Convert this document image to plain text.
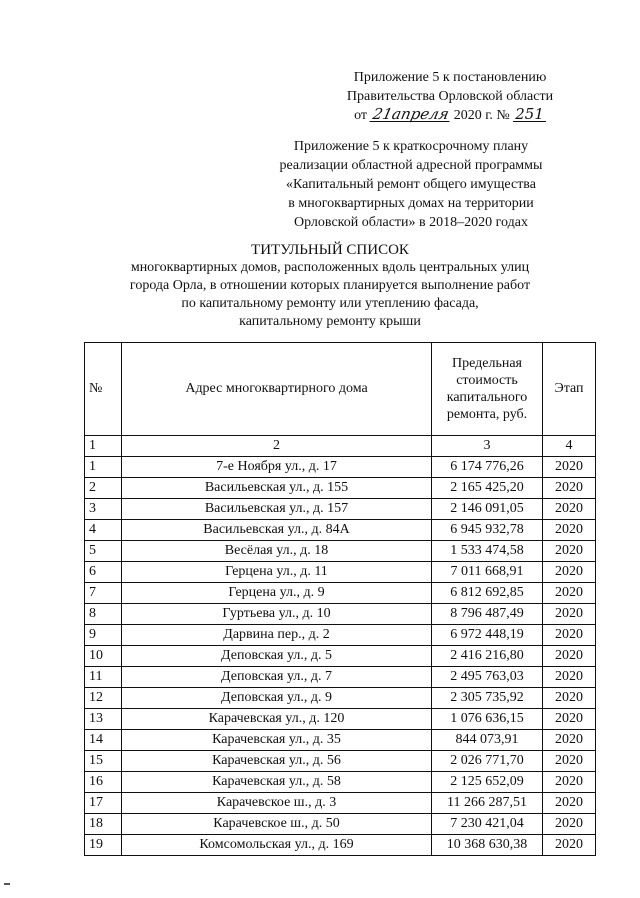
Приложение 5 к постановлению
Правительства Орловской области
от 21апреля 2020 г. № 251
Приложение 5 к краткосрочному плану
реализации областной адресной программы
«Капитальный ремонт общего имущества
в многоквартирных домах на территории
Орловской области» в 2018–2020 годах
ТИТУЛЬНЫЙ СПИСОК
многоквартирных домов, расположенных вдоль центральных улиц
города Орла, в отношении которых планируется выполнение работ
по капитальному ремонту или утеплению фасада,
капитальному ремонту крыши
№	Адрес многоквартирного дома	Предельная стоимость капитального ремонта, руб.	Этап
1	2	3	4
1	7-е Ноября ул., д. 17	6 174 776,26	2020
2	Васильевская ул., д. 155	2 165 425,20	2020
3	Васильевская ул., д. 157	2 146 091,05	2020
4	Васильевская ул., д. 84А	6 945 932,78	2020
5	Весёлая ул., д. 18	1 533 474,58	2020
6	Герцена ул., д. 11	7 011 668,91	2020
7	Герцена ул., д. 9	6 812 692,85	2020
8	Гуртьева ул., д. 10	8 796 487,49	2020
9	Дарвина пер., д. 2	6 972 448,19	2020
10	Деповская ул., д. 5	2 416 216,80	2020
11	Деповская ул., д. 7	2 495 763,03	2020
12	Деповская ул., д. 9	2 305 735,92	2020
13	Карачевская ул., д. 120	1 076 636,15	2020
14	Карачевская ул., д. 35	844 073,91	2020
15	Карачевская ул., д. 56	2 026 771,70	2020
16	Карачевская ул., д. 58	2 125 652,09	2020
17	Карачевское ш., д. 3	11 266 287,51	2020
18	Карачевское ш., д. 50	7 230 421,04	2020
19	Комсомольская ул., д. 169	10 368 630,38	2020
